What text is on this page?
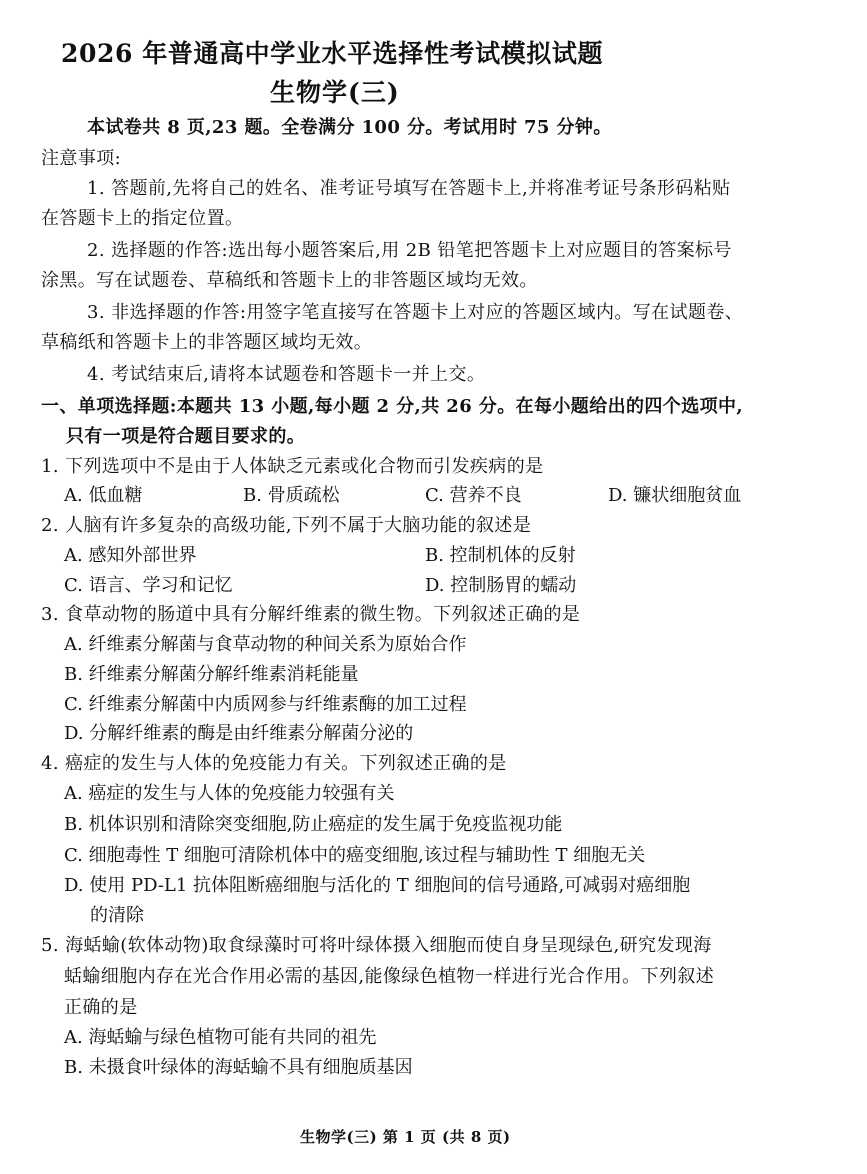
2026 年普通高中学业水平选择性考试模拟试题
生物学(三)
本试卷共 8 页,23 题。全卷满分 100 分。考试用时 75 分钟。
注意事项:
1. 答题前,先将自己的姓名、准考证号填写在答题卡上,并将准考证号条形码粘贴
在答题卡上的指定位置。
2. 选择题的作答:选出每小题答案后,用 2B 铅笔把答题卡上对应题目的答案标号
涂黑。写在试题卷、草稿纸和答题卡上的非答题区域均无效。
3. 非选择题的作答:用签字笔直接写在答题卡上对应的答题区域内。写在试题卷、
草稿纸和答题卡上的非答题区域均无效。
4. 考试结束后,请将本试题卷和答题卡一并上交。
一、单项选择题:本题共 13 小题,每小题 2 分,共 26 分。在每小题给出的四个选项中,
只有一项是符合题目要求的。
1. 下列选项中不是由于人体缺乏元素或化合物而引发疾病的是
A. 低血糖	B. 骨质疏松	C. 营养不良	D. 镰状细胞贫血
2. 人脑有许多复杂的高级功能,下列不属于大脑功能的叙述是
A. 感知外部世界	B. 控制机体的反射
C. 语言、学习和记忆	D. 控制肠胃的蠕动
3. 食草动物的肠道中具有分解纤维素的微生物。下列叙述正确的是
A. 纤维素分解菌与食草动物的种间关系为原始合作
B. 纤维素分解菌分解纤维素消耗能量
C. 纤维素分解菌中内质网参与纤维素酶的加工过程
D. 分解纤维素的酶是由纤维素分解菌分泌的
4. 癌症的发生与人体的免疫能力有关。下列叙述正确的是
A. 癌症的发生与人体的免疫能力较强有关
B. 机体识别和清除突变细胞,防止癌症的发生属于免疫监视功能
C. 细胞毒性 T 细胞可清除机体中的癌变细胞,该过程与辅助性 T 细胞无关
D. 使用 PD-L1 抗体阻断癌细胞与活化的 T 细胞间的信号通路,可减弱对癌细胞
的清除
5. 海蛞蝓(软体动物)取食绿藻时可将叶绿体摄入细胞而使自身呈现绿色,研究发现海
蛞蝓细胞内存在光合作用必需的基因,能像绿色植物一样进行光合作用。下列叙述
正确的是
A. 海蛞蝓与绿色植物可能有共同的祖先
B. 未摄食叶绿体的海蛞蝓不具有细胞质基因
生物学(三) 第 1 页 (共 8 页)
